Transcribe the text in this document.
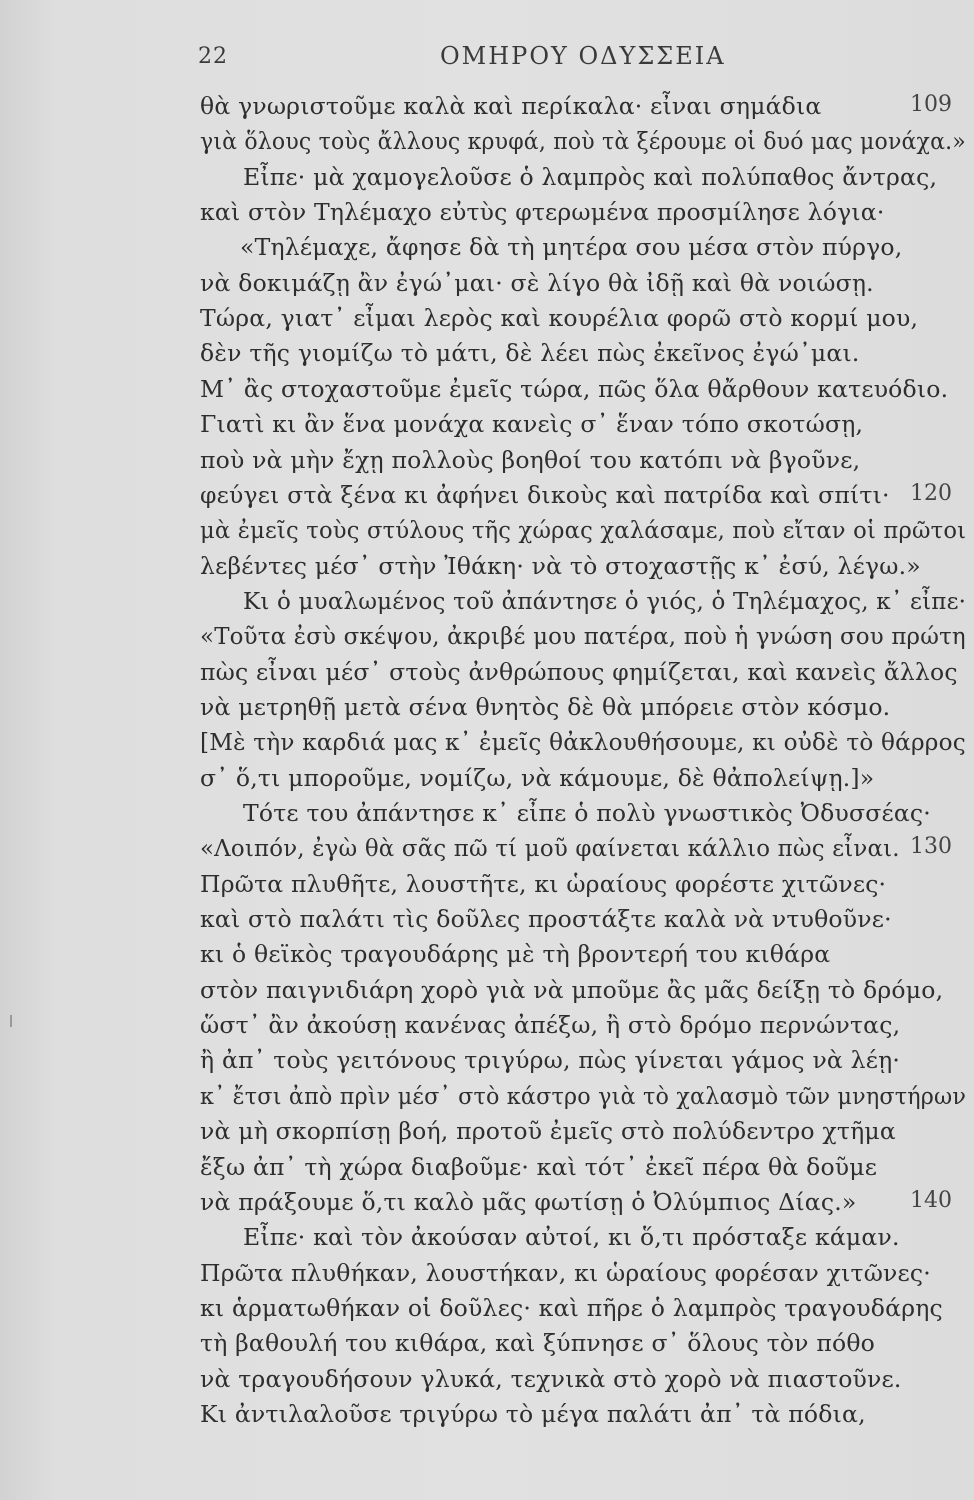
22	ΟΜΗΡΟΥ ΟΔΥΣΣΕΙΑ
θὰ γνωριστοῦμε καλὰ καὶ περίκαλα· εἶναι σημάδια	109
γιὰ ὅλους τοὺς ἄλλους κρυφά, ποὺ τὰ ξέρουμε οἱ δυό μας μονάχα.»
Εἶπε· μὰ χαμογελοῦσε ὁ λαμπρὸς καὶ πολύπαθος ἄντρας,
καὶ στὸν Τηλέμαχο εὐτὺς φτερωμένα προσμίλησε λόγια·
«Τηλέμαχε, ἄφησε δὰ τὴ μητέρα σου μέσα στὸν πύργο,
νὰ δοκιμάζῃ ἂν ἐγώ᾽μαι· σὲ λίγο θὰ ἰδῇ καὶ θὰ νοιώσῃ.
Τώρα, γιατ᾽ εἶμαι λερὸς καὶ κουρέλια φορῶ στὸ κορμί μου,
δὲν τῆς γιομίζω τὸ μάτι, δὲ λέει πὼς ἐκεῖνος ἐγώ᾽μαι.
Μ᾽ ἂς στοχαστοῦμε ἐμεῖς τώρα, πῶς ὅλα θἄρθουν κατευόδιο.
Γιατὶ κι ἂν ἕνα μονάχα κανεὶς σ᾽ ἕναν τόπο σκοτώσῃ,
ποὺ νὰ μὴν ἔχῃ πολλοὺς βοηθοί του κατόπι νὰ βγοῦνε,
φεύγει στὰ ξένα κι ἀφήνει δικοὺς καὶ πατρίδα καὶ σπίτι· 120
μὰ ἐμεῖς τοὺς στύλους τῆς χώρας χαλάσαμε, ποὺ εἴταν οἱ πρῶτοι
λεβέντες μέσ᾽ στὴν Ἰθάκη· νὰ τὸ στοχαστῇς κ᾽ ἐσύ, λέγω.»
Κι ὁ μυαλωμένος τοῦ ἀπάντησε ὁ γιός, ὁ Τηλέμαχος, κ᾽ εἶπε·
«Τοῦτα ἐσὺ σκέψου, ἀκριβέ μου πατέρα, ποὺ ἡ γνώση σου πρώτη
πὼς εἶναι μέσ᾽ στοὺς ἀνθρώπους φημίζεται, καὶ κανεὶς ἄλλος
νὰ μετρηθῇ μετὰ σένα θνητὸς δὲ θὰ μπόρειε στὸν κόσμο.
[Μὲ τὴν καρδιά μας κ᾽ ἐμεῖς θἀκλουθήσουμε, κι οὐδὲ τὸ θάρρος
σ᾽ ὅ,τι μποροῦμε, νομίζω, νὰ κάμουμε, δὲ θἀπολείψῃ.]»
Τότε του ἀπάντησε κ᾽ εἶπε ὁ πολὺ γνωστικὸς Ὀδυσσέας·
«Λοιπόν, ἐγὼ θὰ σᾶς πῶ τί μοῦ φαίνεται κάλλιο πὼς εἶναι. 130
Πρῶτα πλυθῆτε, λουστῆτε, κι ὡραίους φορέστε χιτῶνες·
καὶ στὸ παλάτι τὶς δοῦλες προστάξτε καλὰ νὰ ντυθοῦνε·
κι ὁ θεϊκὸς τραγουδάρης μὲ τὴ βροντερή του κιθάρα
στὸν παιγνιδιάρη χορὸ γιὰ νὰ μποῦμε ἂς μᾶς δείξῃ τὸ δρόμο,
ὥστ᾽ ἂν ἀκούσῃ κανένας ἀπέξω, ἢ στὸ δρόμο περνώντας,
ἢ ἀπ᾽ τοὺς γειτόνους τριγύρω, πὼς γίνεται γάμος νὰ λέῃ·
κ᾽ ἔτσι ἀπὸ πρὶν μέσ᾽ στὸ κάστρο γιὰ τὸ χαλασμὸ τῶν μνηστήρων
νὰ μὴ σκορπίσῃ βοή, προτοῦ ἐμεῖς στὸ πολύδεντρο χτῆμα
ἔξω ἀπ᾽ τὴ χώρα διαβοῦμε· καὶ τότ᾽ ἐκεῖ πέρα θὰ δοῦμε
νὰ πράξουμε ὅ,τι καλὸ μᾶς φωτίσῃ ὁ Ὀλύμπιος Δίας.» 140
Εἶπε· καὶ τὸν ἀκούσαν αὐτοί, κι ὅ,τι πρόσταξε κάμαν.
Πρῶτα πλυθήκαν, λουστήκαν, κι ὡραίους φορέσαν χιτῶνες·
κι ἁρματωθήκαν οἱ δοῦλες· καὶ πῆρε ὁ λαμπρὸς τραγουδάρης
τὴ βαθουλή του κιθάρα, καὶ ξύπνησε σ᾽ ὅλους τὸν πόθο
νὰ τραγουδήσουν γλυκά, τεχνικὰ στὸ χορὸ νὰ πιαστοῦνε.
Κι ἀντιλαλοῦσε τριγύρω τὸ μέγα παλάτι ἀπ᾽ τὰ πόδια,
